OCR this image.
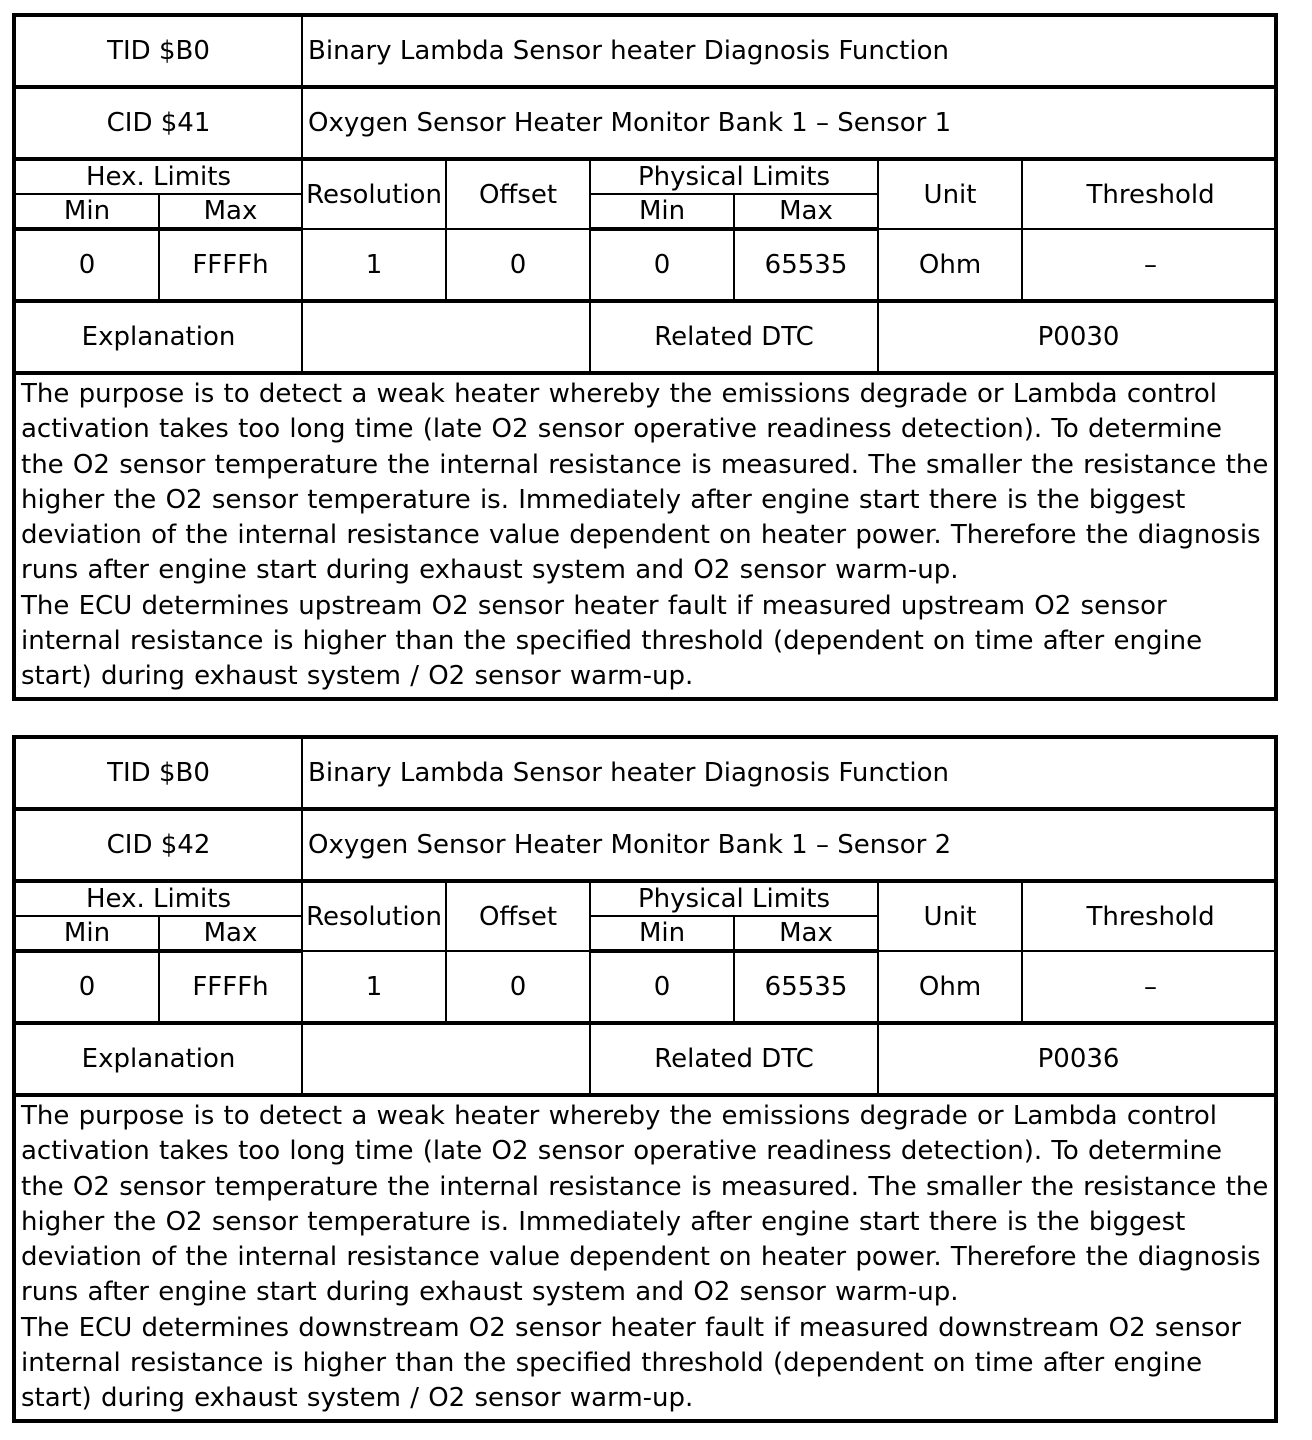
TID $B0		Binary Lambda Sensor heater Diagnosis Function					
CID $41		Oxygen Sensor Heater Monitor Bank 1 – Sensor 1					
Hex. Limits		Resolution	Offset	Physical Limits		Unit	Threshold
Min	Max			Min	Max		
0	FFFFh	1	0	0	65535	Ohm	–
Explanation				Related DTC		P0030	

The purpose is to detect a weak heater whereby the emissions degrade or Lambda control activation takes too long time (late O2 sensor operative readiness detection). To determine the O2 sensor temperature the internal resistance is measured. The smaller the resistance the higher the O2 sensor temperature is. Immediately after engine start there is the biggest deviation of the internal resistance value dependent on heater power. Therefore the diagnosis runs after engine start during exhaust system and O2 sensor warm-up.

The ECU determines upstream O2 sensor heater fault if measured upstream O2 sensor internal resistance is higher than the specified threshold (dependent on time after engine start) during exhaust system / O2 sensor warm-up.

TID $B0		Binary Lambda Sensor heater Diagnosis Function					
CID $42		Oxygen Sensor Heater Monitor Bank 1 – Sensor 2					
Hex. Limits		Resolution	Offset	Physical Limits		Unit	Threshold
Min	Max			Min	Max		
0	FFFFh	1	0	0	65535	Ohm	–
Explanation				Related DTC		P0036	

The purpose is to detect a weak heater whereby the emissions degrade or Lambda control activation takes too long time (late O2 sensor operative readiness detection). To determine the O2 sensor temperature the internal resistance is measured. The smaller the resistance the higher the O2 sensor temperature is. Immediately after engine start there is the biggest deviation of the internal resistance value dependent on heater power. Therefore the diagnosis runs after engine start during exhaust system and O2 sensor warm-up.

The ECU determines downstream O2 sensor heater fault if measured downstream O2 sensor internal resistance is higher than the specified threshold (dependent on time after engine start) during exhaust system / O2 sensor warm-up.
